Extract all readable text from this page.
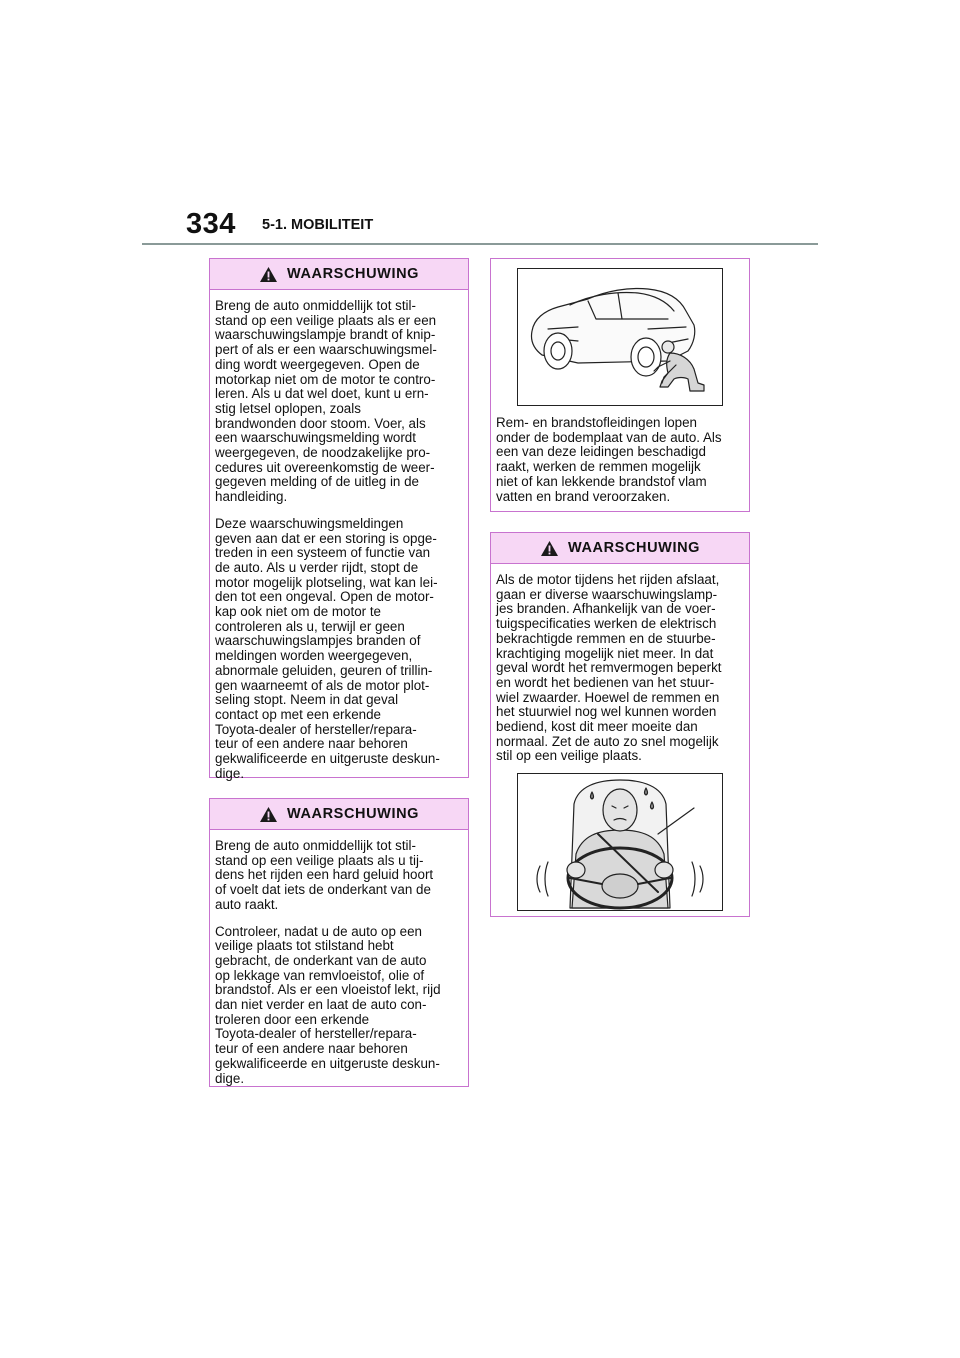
334 5-1. MOBILITEIT
WAARSCHUWING

Breng de auto onmiddellijk tot stil-
stand op een veilige plaats als er een
waarschuwingslampje brandt of knip-
pert of als er een waarschuwingsmel-
ding wordt weergegeven. Open de
motorkap niet om de motor te contro-
leren. Als u dat wel doet, kunt u ern-
stig letsel oplopen, zoals
brandwonden door stoom. Voer, als
een waarschuwingsmelding wordt
weergegeven, de noodzakelijke pro-
cedures uit overeenkomstig de weer-
gegeven melding of de uitleg in de
handleiding.

Deze waarschuwingsmeldingen
geven aan dat er een storing is opge-
treden in een systeem of functie van
de auto. Als u verder rijdt, stopt de
motor mogelijk plotseling, wat kan lei-
den tot een ongeval. Open de motor-
kap ook niet om de motor te
controleren als u, terwijl er geen
waarschuwingslampjes branden of
meldingen worden weergegeven,
abnormale geluiden, geuren of trillin-
gen waarneemt of als de motor plot-
seling stopt. Neem in dat geval
contact op met een erkende
Toyota-dealer of hersteller/repara-
teur of een andere naar behoren
gekwalificeerde en uitgeruste deskun-
dige.

WAARSCHUWING

Breng de auto onmiddellijk tot stil-
stand op een veilige plaats als u tij-
dens het rijden een hard geluid hoort
of voelt dat iets de onderkant van de
auto raakt.

Controleer, nadat u de auto op een
veilige plaats tot stilstand hebt
gebracht, de onderkant van de auto
op lekkage van remvloeistof, olie of
brandstof. Als er een vloeistof lekt, rijd
dan niet verder en laat de auto con-
troleren door een erkende
Toyota-dealer of hersteller/repara-
teur of een andere naar behoren
gekwalificeerde en uitgeruste deskun-
dige.

Rem- en brandstofleidingen lopen
onder de bodemplaat van de auto. Als
een van deze leidingen beschadigd
raakt, werken de remmen mogelijk
niet of kan lekkende brandstof vlam
vatten en brand veroorzaken.

WAARSCHUWING

Als de motor tijdens het rijden afslaat,
gaan er diverse waarschuwingslamp-
jes branden. Afhankelijk van de voer-
tuigspecificaties werken de elektrisch
bekrachtigde remmen en de stuurbe-
krachtiging mogelijk niet meer. In dat
geval wordt het remvermogen beperkt
en wordt het bedienen van het stuur-
wiel zwaarder. Hoewel de remmen en
het stuurwiel nog wel kunnen worden
bediend, kost dit meer moeite dan
normaal. Zet de auto zo snel mogelijk
stil op een veilige plaats.
